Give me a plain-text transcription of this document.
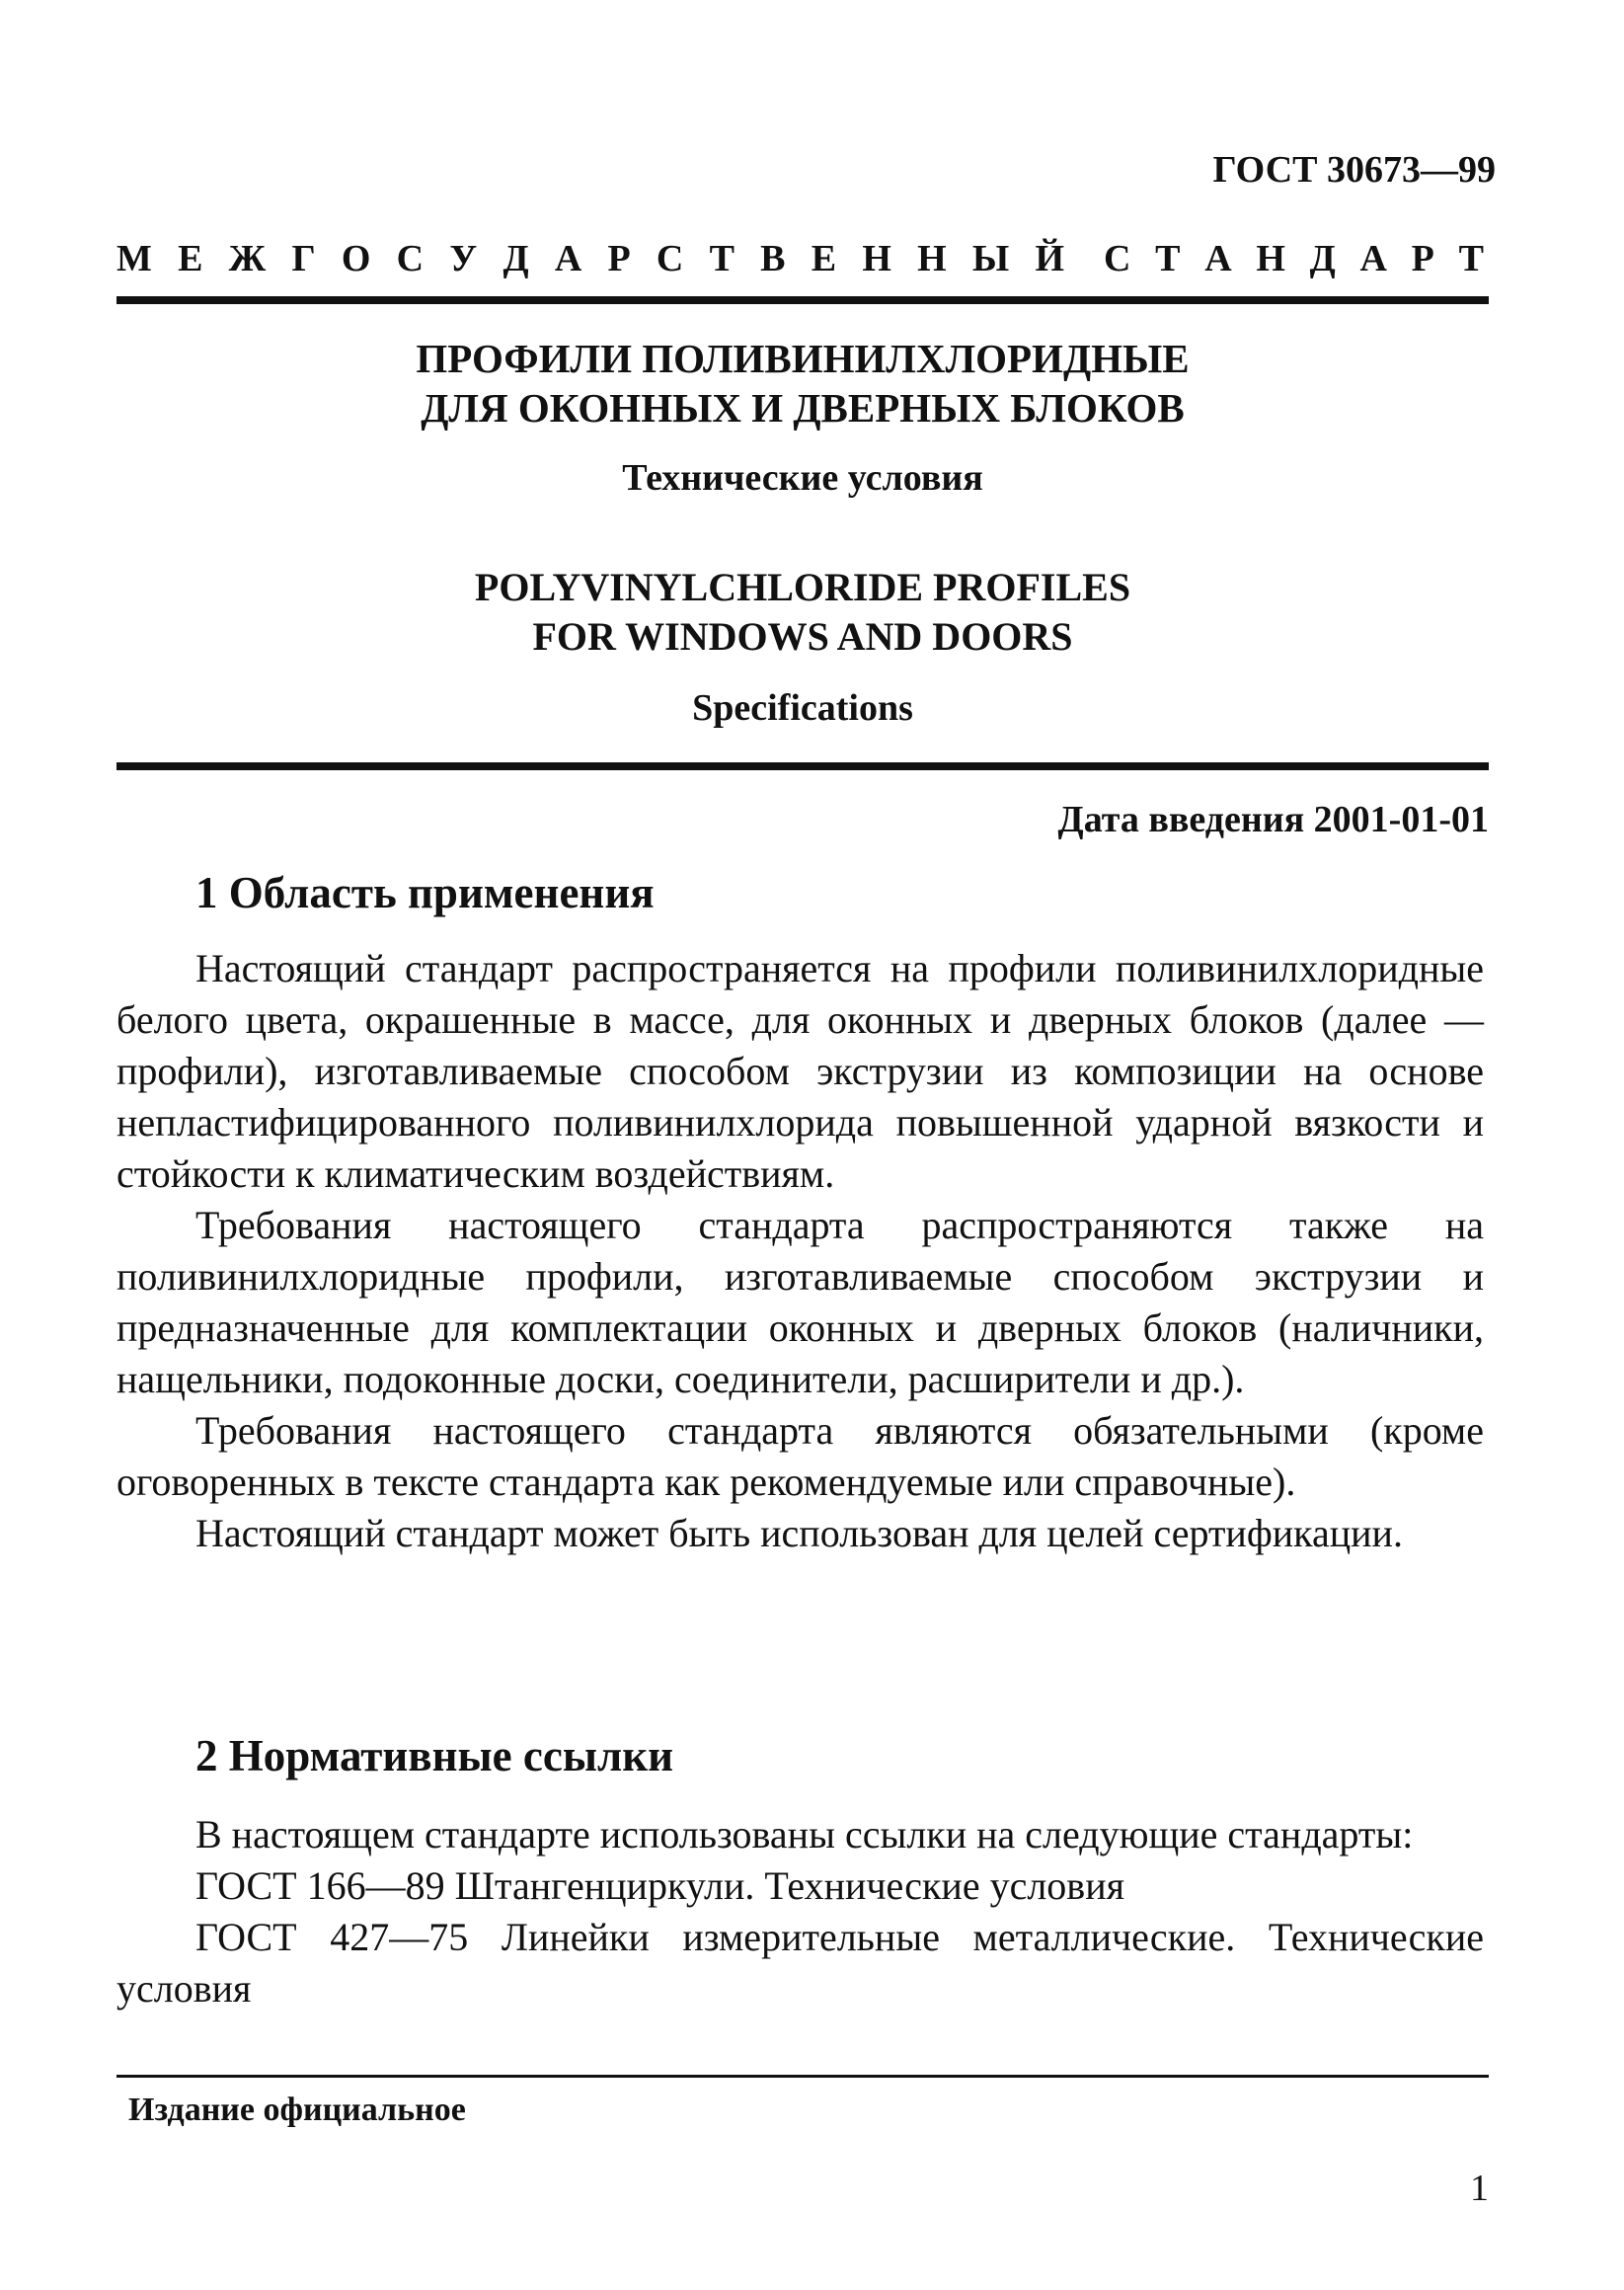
ГОСТ 30673—99

М Е Ж Г О С У Д А Р С Т В Е Н Н Ы Й С Т А Н Д А Р Т
ПРОФИЛИ ПОЛИВИНИЛХЛОРИДНЫЕ
ДЛЯ ОКОННЫХ И ДВЕРНЫХ БЛОКОВ
Технические условия
POLYVINYLCHLORIDE PROFILES
FOR WINDOWS AND DOORS
Specifications
Дата введения 2001-01-01
1 Область применения

Настоящий стандарт распространяется на профили поливинилхлоридные белого цвета, окрашенные в массе, для оконных и дверных блоков (далее — профили), изготавливаемые способом экструзии из композиции на основе непластифицированного поливинилхлорида повышенной ударной вязкости и стойкости к климатическим воздействиям.

Требования настоящего стандарта распространяются также на поливинилхлоридные профили, изготавливаемые способом экструзии и предназначенные для комплектации оконных и дверных блоков (наличники, нащельники, подоконные доски, соединители, расширители и др.).

Требования настоящего стандарта являются обязательными (кроме оговоренных в тексте стандарта как рекомендуемые или справочные).

Настоящий стандарт может быть использован для целей сертификации.

2 Нормативные ссылки

В настоящем стандарте использованы ссылки на следующие стандарты:

ГОСТ 166—89 Штангенциркули. Технические условия

ГОСТ 427—75 Линейки измерительные металлические. Технические условия

Издание официальное

1
